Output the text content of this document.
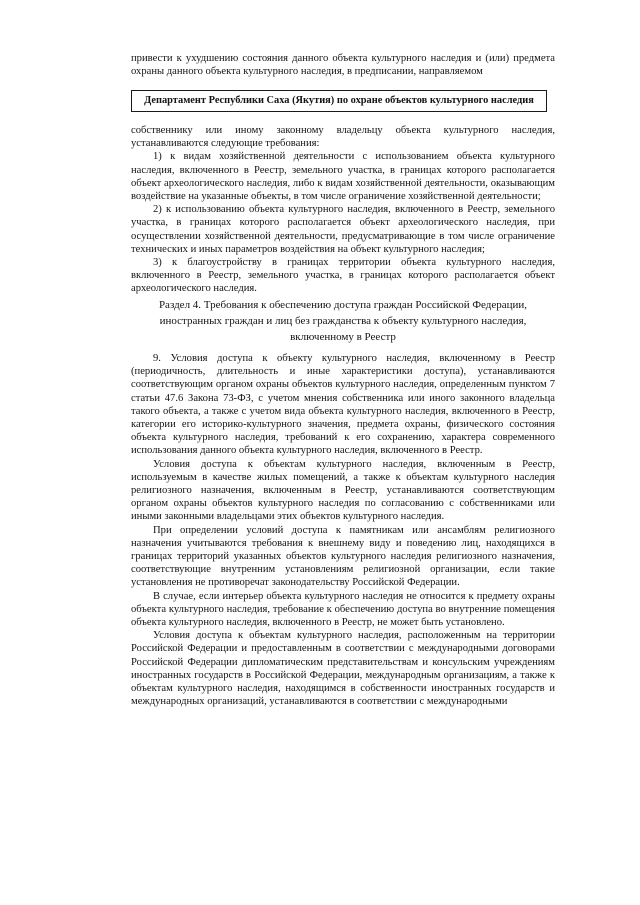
привести к ухудшению состояния данного объекта культурного наследия и (или) предмета охраны данного объекта культурного наследия, в предписании, направляемом

Департамент Республики Саха (Якутия) по охране объектов культурного наследия

собственнику или иному законному владельцу объекта культурного наследия, устанавливаются следующие требования:

1) к видам хозяйственной деятельности с использованием объекта культурного наследия, включенного в Реестр, земельного участка, в границах которого располагается объект археологического наследия, либо к видам хозяйственной деятельности, оказывающим воздействие на указанные объекты, в том числе ограничение хозяйственной деятельности;

2) к использованию объекта культурного наследия, включенного в Реестр, земельного участка, в границах которого располагается объект археологического наследия, при осуществлении хозяйственной деятельности, предусматривающие в том числе ограничение технических и иных параметров воздействия на объект культурного наследия;

3) к благоустройству в границах территории объекта культурного наследия, включенного в Реестр, земельного участка, в границах которого располагается объект археологического наследия.

Раздел 4. Требования к обеспечению доступа граждан Российской Федерации,

иностранных граждан и лиц без гражданства к объекту культурного наследия,

включенному в Реестр

9. Условия доступа к объекту культурного наследия, включенному в Реестр (периодичность, длительность и иные характеристики доступа), устанавливаются соответствующим органом охраны объектов культурного наследия, определенным пунктом 7 статьи 47.6 Закона 73-ФЗ, с учетом мнения собственника или иного законного владельца такого объекта, а также с учетом вида объекта культурного наследия, включенного в Реестр, категории его историко-культурного значения, предмета охраны, физического состояния объекта культурного наследия, требований к его сохранению, характера современного использования данного объекта культурного наследия, включенного в Реестр.

Условия доступа к объектам культурного наследия, включенным в Реестр, используемым в качестве жилых помещений, а также к объектам культурного наследия религиозного назначения, включенным в Реестр, устанавливаются соответствующим органом охраны объектов культурного наследия по согласованию с собственниками или иными законными владельцами этих объектов культурного наследия.

При определении условий доступа к памятникам или ансамблям религиозного назначения учитываются требования к внешнему виду и поведению лиц, находящихся в границах территорий указанных объектов культурного наследия религиозного назначения, соответствующие внутренним установлениям религиозной организации, если такие установления не противоречат законодательству Российской Федерации.

В случае, если интерьер объекта культурного наследия не относится к предмету охраны объекта культурного наследия, требование к обеспечению доступа во внутренние помещения объекта культурного наследия, включенного в Реестр, не может быть установлено.

Условия доступа к объектам культурного наследия, расположенным на территории Российской Федерации и предоставленным в соответствии с международными договорами Российской Федерации дипломатическим представительствам и консульским учреждениям иностранных государств в Российской Федерации, международным организациям, а также к объектам культурного наследия, находящимся в собственности иностранных государств и международных организаций, устанавливаются в соответствии с международными
